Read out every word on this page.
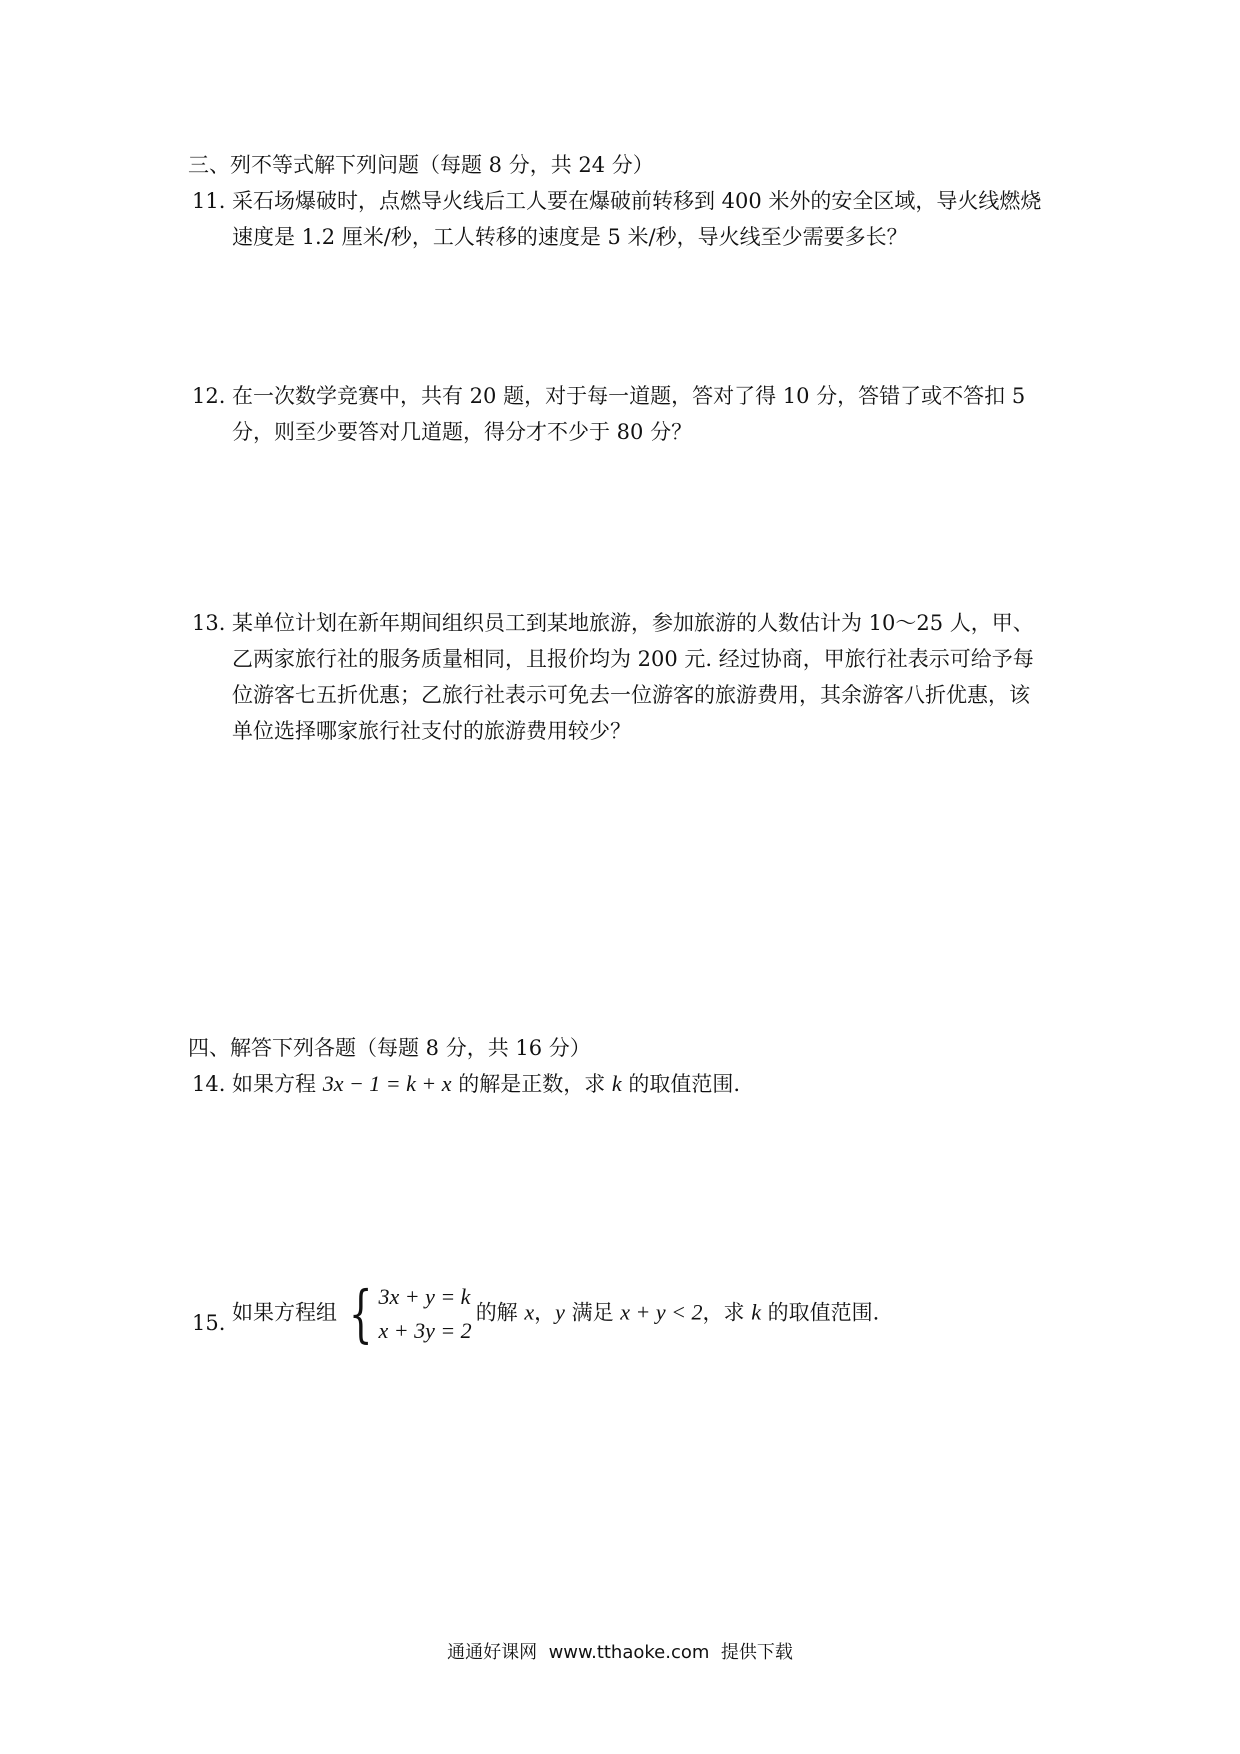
三、列不等式解下列问题（每题 8 分，共 24 分）
11. 采石场爆破时，点燃导火线后工人要在爆破前转移到 400 米外的安全区域，导火线燃烧
速度是 1.2 厘米/秒，工人转移的速度是 5 米/秒，导火线至少需要多长？
12. 在一次数学竞赛中，共有 20 题，对于每一道题，答对了得 10 分，答错了或不答扣 5
分，则至少要答对几道题，得分才不少于 80 分？
13. 某单位计划在新年期间组织员工到某地旅游，参加旅游的人数估计为 10～25 人，甲、
乙两家旅行社的服务质量相同，且报价均为 200 元. 经过协商，甲旅行社表示可给予每
位游客七五折优惠；乙旅行社表示可免去一位游客的旅游费用，其余游客八折优惠，该
单位选择哪家旅行社支付的旅游费用较少？
四、解答下列各题（每题 8 分，共 16 分）
14. 如果方程 3x − 1 = k + x 的解是正数，求 k 的取值范围.
15. 如果方程组 { 3x + y = k
x + 3y = 2
的解 x，y 满足 x + y < 2，求 k 的取值范围.
通通好课网  www.tthaoke.com  提供下载
